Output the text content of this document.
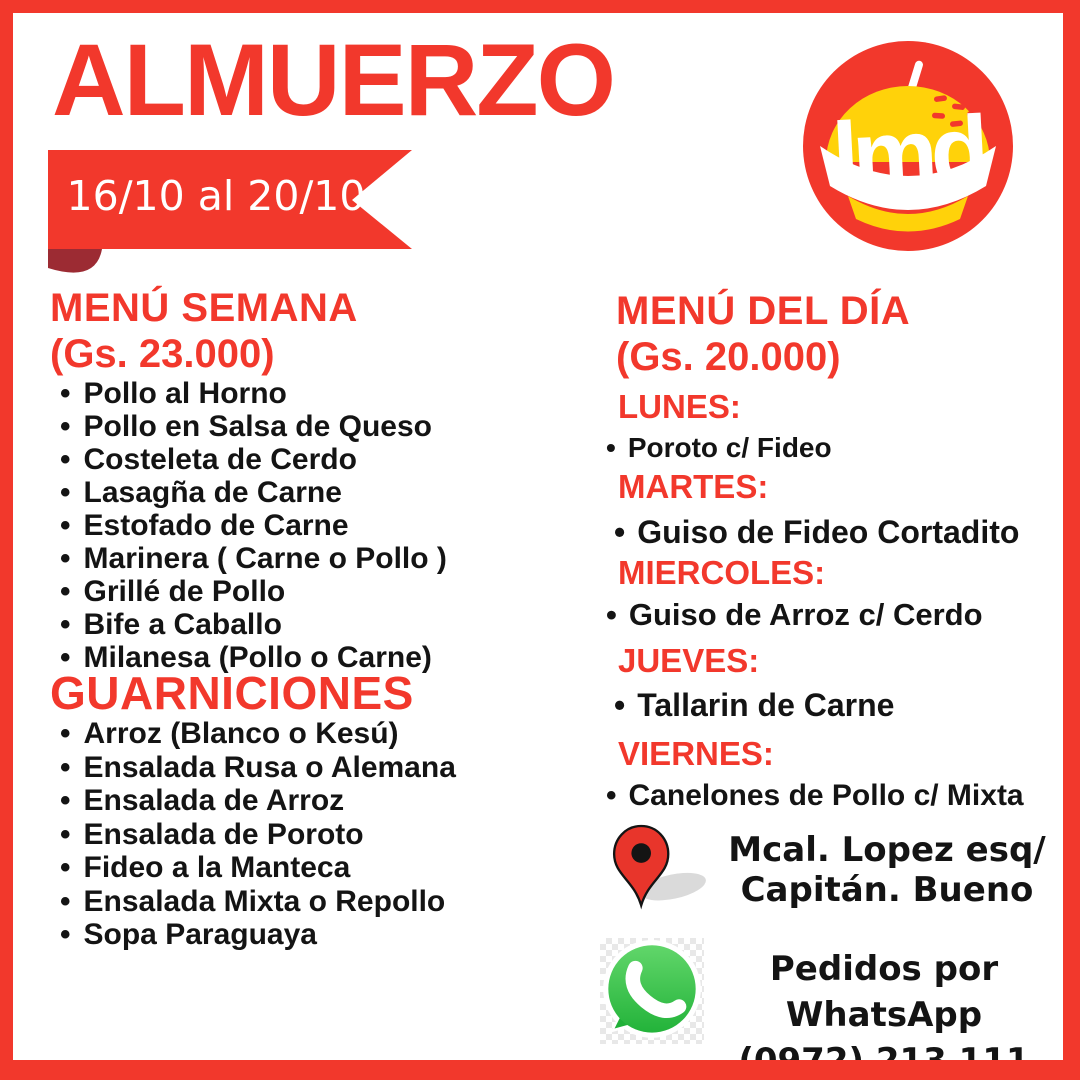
ALMUERZO
16/10 al 20/10	lmd
MENÚ SEMANA
(Gs. 23.000)
• Pollo al Horno
• Pollo en Salsa de Queso
• Costeleta de Cerdo
• Lasagña de Carne
• Estofado de Carne
• Marinera ( Carne o Pollo )
• Grillé de Pollo
• Bife a Caballo
• Milanesa (Pollo o Carne)
GUARNICIONES
• Arroz (Blanco o Kesú)
• Ensalada Rusa o Alemana
• Ensalada de Arroz
• Ensalada de Poroto
• Fideo a la Manteca
• Ensalada Mixta o Repollo
• Sopa Paraguaya
MENÚ DEL DÍA
(Gs. 20.000)
LUNES:
• Poroto c/ Fideo
MARTES:
• Guiso de Fideo Cortadito
MIERCOLES:
• Guiso de Arroz c/ Cerdo
JUEVES:
• Tallarin de Carne
VIERNES:
• Canelones de Pollo c/ Mixta
Mcal. Lopez esq/
Capitán. Bueno
Pedidos por WhatsApp
(0972) 213 111
